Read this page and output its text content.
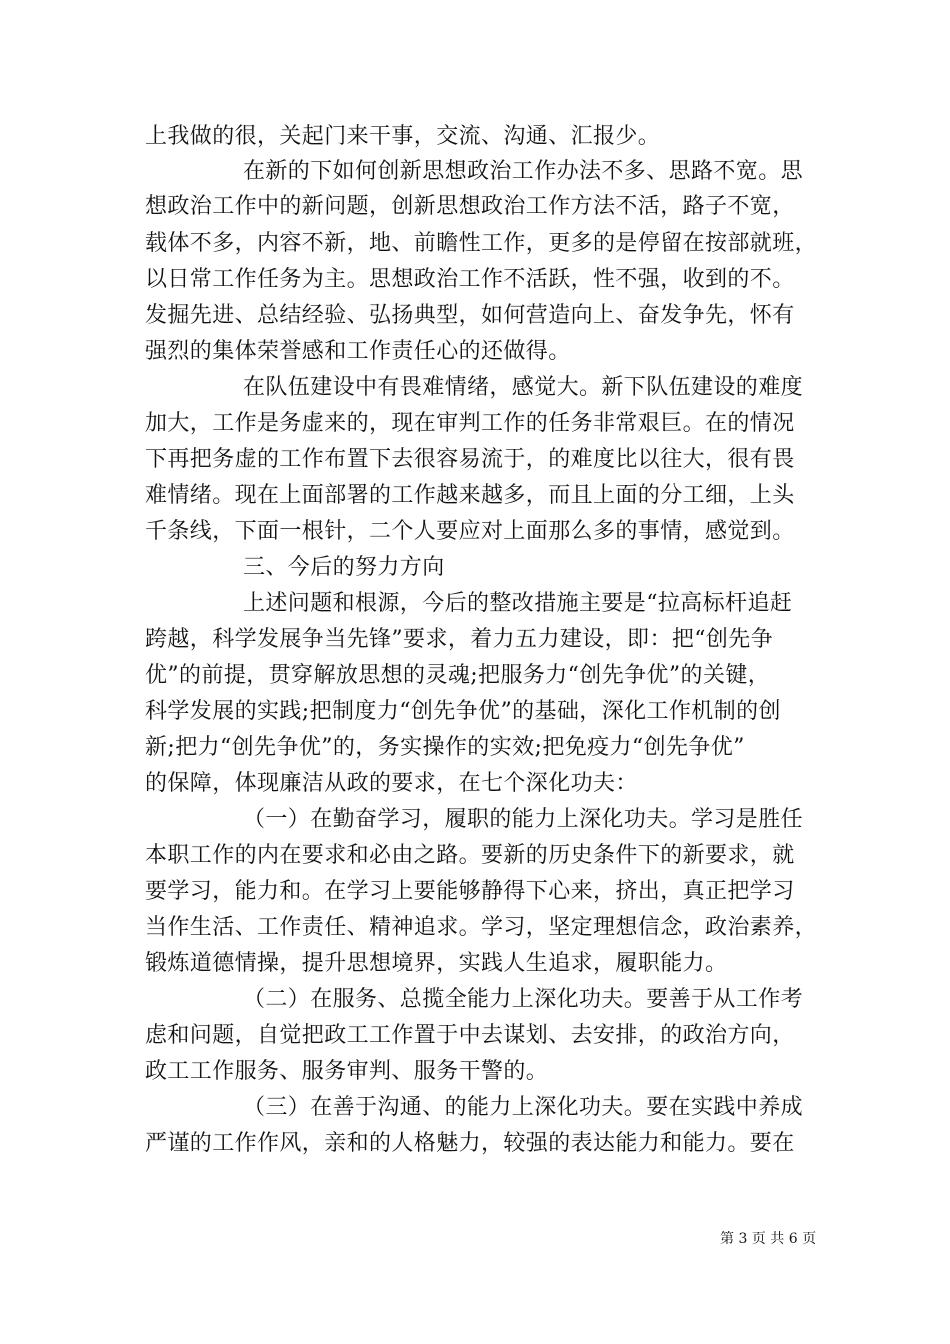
上我做的很，关起门来干事，交流、沟通、汇报少。
在新的下如何创新思想政治工作办法不多、思路不宽。思
想政治工作中的新问题，创新思想政治工作方法不活，路子不宽，
载体不多，内容不新，地、前瞻性工作，更多的是停留在按部就班，
以日常工作任务为主。思想政治工作不活跃，性不强，收到的不。
发掘先进、总结经验、弘扬典型，如何营造向上、奋发争先，怀有
强烈的集体荣誉感和工作责任心的还做得。
在队伍建设中有畏难情绪，感觉大。新下队伍建设的难度
加大，工作是务虚来的，现在审判工作的任务非常艰巨。在的情况
下再把务虚的工作布置下去很容易流于，的难度比以往大，很有畏
难情绪。现在上面部署的工作越来越多，而且上面的分工细，上头
千条线，下面一根针，二个人要应对上面那么多的事情，感觉到。
三、今后的努力方向
上述问题和根源，今后的整改措施主要是“拉高标杆追赶
跨越，科学发展争当先锋”要求，着力五力建设，即：把“创先争
优”的前提，贯穿解放思想的灵魂;把服务力“创先争优”的关键，
科学发展的实践;把制度力“创先争优”的基础，深化工作机制的创
新;把力“创先争优”的，务实操作的实效;把免疫力“创先争优”
的保障，体现廉洁从政的要求，在七个深化功夫：
（一）在勤奋学习，履职的能力上深化功夫。学习是胜任
本职工作的内在要求和必由之路。要新的历史条件下的新要求，就
要学习，能力和。在学习上要能够静得下心来，挤出，真正把学习
当作生活、工作责任、精神追求。学习，坚定理想信念，政治素养，
锻炼道德情操，提升思想境界，实践人生追求，履职能力。
（二）在服务、总揽全能力上深化功夫。要善于从工作考
虑和问题，自觉把政工工作置于中去谋划、去安排，的政治方向，
政工工作服务、服务审判、服务干警的。
（三）在善于沟通、的能力上深化功夫。要在实践中养成
严谨的工作作风，亲和的人格魅力，较强的表达能力和能力。要在
第 3 页 共 6 页
